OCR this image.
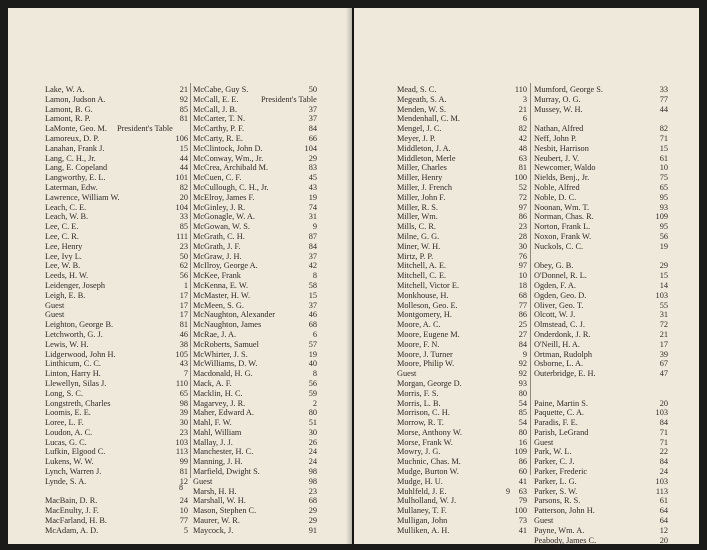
Lake, W. A.	21
Lamon, Judson A.	92
Lamont, B. G.	85
Lamont, R. P.	81
LaMonte, Geo. M. President's Table
Lamoreux, D. P.	106
Lanahan, Frank J.	15
Lang, C. H., Jr.	44
Lang, E. Copeland	44
Langworthy, E. L.	101
Laterman, Edw.	82
Lawrence, William W.	20
Leach, C. E.	104
Leach, W. B.	33
Lee, C. E.	85
Lee, C. R.	111
Lee, Henry	23
Lee, Ivy L.	50
Lee, W. B.	62
Leeds, H. W.	56
Leidenger, Joseph	1
Leigh, E. B.	17
Guest	17
Guest	17
Leighton, George B.	81
Letchworth, G. J.	46
Lewis, W. H.	38
Lidgerwood, John H.	105
Linthicum, C. C.	43
Linton, Harry H.	7
Llewellyn, Silas J.	110
Long, S. C.	65
Longstreth, Charles	98
Loomis, E. E.	39
Loree, L. F.	30
Loudon, A. C.	23
Lucas, G. C.	103
Lufkin, Elgood C.	113
Lukens, W. W.	99
Lynch, Warren J.	81
Lynde, S. A.	12
MacBain, D. R.	24
MacEnulty, J. F.	10
MacFarland, H. B.	77
McAdam, A. D.	5
McCabe, Guy S.	50
McCall, E. E.	President's Table
McCall, J. B.	37
McCarter, T. N.	37
McCarthy, P. F.	84
McCarty, R. E.	66
McClintock, John D.	104
McConway, Wm., Jr.	29
McCrea, Archibald M.	83
McCuen, C. F.	45
McCullough, C. H., Jr.	43
McElroy, James F.	19
McGinley, J. R.	74
McGonagle, W. A.	31
McGowan, W. S.	9
McGrath, C. H.	87
McGrath, J. F.	84
McGraw, J. H.	37
McIlroy, George A.	42
McKee, Frank	8
McKenna, E. W.	58
McMaster, H. W.	15
McMeen, S. G.	37
McNaughton, Alexander	46
McNaughton, James	68
McRae, J. A.	6
McRoberts, Samuel	57
McWhirter, J. S.	19
McWilliams, D. W.	40
Macdonald, H. G.	8
Mack, A. F.	56
Macklin, H. C.	59
Magarvey, J. R.	2
Maher, Edward A.	80
Mahl, F. W.	51
Mahl, William	30
Mallay, J. J.	26
Manchester, H. C.	24
Manning, J. H.	24
Marfield, Dwight S.	98
Guest	98
Marsh, H. H.	23
Marshall, W. H.	68
Mason, Stephen C.	29
Maurer, W. R.	29
Maycock, J.	91
8
Mead, S. C.	110
Megeath, S. A.	3
Menden, W. S.	21
Mendenhall, C. M.	6
Mengel, J. C.	82
Meyer, J. P.	42
Middleton, J. A.	48
Middleton, Merle	63
Miller, Charles	81
Miller, Henry	100
Miller, J. French	52
Miller, John F.	72
Miller, R. S.	97
Miller, Wm.	86
Mills, C. R.	23
Milne, G. G.	28
Miner, W. H.	30
Mirtz, P. P.	76
Mitchell, A. E.	97
Mitchell, C. E.	10
Mitchell, Victor E.	18
Monkhouse, H.	68
Molleson, Geo. E.	77
Montgomery, H.	86
Moore, A. C.	25
Moore, Eugene M.	27
Moore, F. N.	84
Moore, J. Turner	9
Moore, Philip W.	92
Guest	92
Morgan, George D.	93
Morris, F. S.	80
Morris, L. B.	54
Morrison, C. H.	85
Morrow, R. T.	54
Morse, Anthony W.	80
Morse, Frank W.	16
Mowry, J. G.	109
Muchnic, Chas. M.	86
Mudge, Burton W.	60
Mudge, H. U.	41
Muhlfeld, J. E.	63
Mulholland, W. J.	79
Mullaney, T. F.	100
Mulligan, John	73
Mulliken, A. H.	41
Mumford, George S.	33
Murray, O. G.	77
Mussey, W. H.	44
Nathan, Alfred	82
Neff, John P.	71
Nesbit, Harrison	15
Neubert, J. V.	61
Newcomer, Waldo	10
Nields, Benj., Jr.	75
Noble, Alfred	65
Noble, D. C.	95
Noonan, Wm. T.	93
Norman, Chas. R.	109
Norton, Frank L.	95
Noxon, Frank W.	56
Nuckols, C. C.	19
Obey, G. B.	29
O'Donnel, R. L.	15
Ogden, F. A.	14
Ogden, Geo. D.	103
Oliver, Geo. T.	55
Olcott, W. J.	31
Olmstead, C. J.	72
Onderdonk, J. R.	21
O'Neill, H. A.	17
Ortman, Rudolph	39
Osborne, L. A.	67
Outerbridge, E. H.	47
Paine, Martin S.	20
Paquette, C. A.	103
Paradis, F. E.	84
Parish, LeGrand	71
Guest	71
Park, W. L.	22
Parker, C. J.	84
Parker, Frederic	24
Parker, L. G.	103
Parker, S. W.	113
Parsons, R. S.	61
Patterson, John H.	64
Guest	64
Payne, Wm. A.	12
Peabody, James C.	20
9
